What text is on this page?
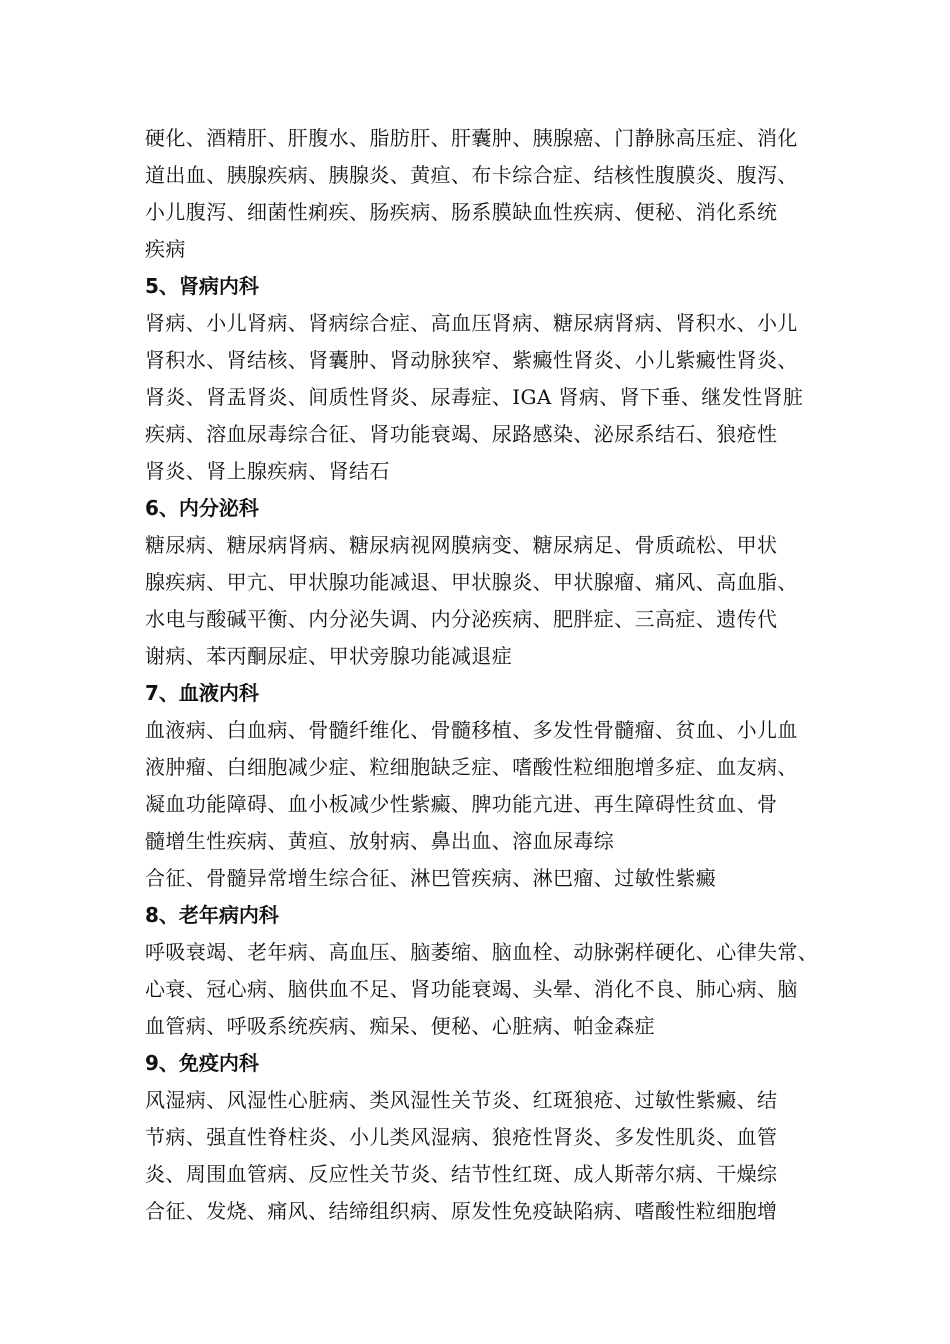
硬化、酒精肝、肝腹水、脂肪肝、肝囊肿、胰腺癌、门静脉高压症、消化
道出血、胰腺疾病、胰腺炎、黄疸、布卡综合症、结核性腹膜炎、腹泻、
小儿腹泻、细菌性痢疾、肠疾病、肠系膜缺血性疾病、便秘、消化系统
疾病
5、肾病内科
肾病、小儿肾病、肾病综合症、高血压肾病、糖尿病肾病、肾积水、小儿
肾积水、肾结核、肾囊肿、肾动脉狭窄、紫癜性肾炎、小儿紫癜性肾炎、
肾炎、肾盂肾炎、间质性肾炎、尿毒症、IGA 肾病、肾下垂、继发性肾脏
疾病、溶血尿毒综合征、肾功能衰竭、尿路感染、泌尿系结石、狼疮性
肾炎、肾上腺疾病、肾结石
6、内分泌科
糖尿病、糖尿病肾病、糖尿病视网膜病变、糖尿病足、骨质疏松、甲状
腺疾病、甲亢、甲状腺功能减退、甲状腺炎、甲状腺瘤、痛风、高血脂、
水电与酸碱平衡、内分泌失调、内分泌疾病、肥胖症、三高症、遗传代
谢病、苯丙酮尿症、甲状旁腺功能减退症
7、血液内科
血液病、白血病、骨髓纤维化、骨髓移植、多发性骨髓瘤、贫血、小儿血
液肿瘤、白细胞减少症、粒细胞缺乏症、嗜酸性粒细胞增多症、血友病、
凝血功能障碍、血小板减少性紫癜、脾功能亢进、再生障碍性贫血、骨
髓增生性疾病、黄疸、放射病、鼻出血、溶血尿毒综
合征、骨髓异常增生综合征、淋巴管疾病、淋巴瘤、过敏性紫癜
8、老年病内科
呼吸衰竭、老年病、高血压、脑萎缩、脑血栓、动脉粥样硬化、心律失常、
心衰、冠心病、脑供血不足、肾功能衰竭、头晕、消化不良、肺心病、脑
血管病、呼吸系统疾病、痴呆、便秘、心脏病、帕金森症
9、免疫内科
风湿病、风湿性心脏病、类风湿性关节炎、红斑狼疮、过敏性紫癜、结
节病、强直性脊柱炎、小儿类风湿病、狼疮性肾炎、多发性肌炎、血管
炎、周围血管病、反应性关节炎、结节性红斑、成人斯蒂尔病、干燥综
合征、发烧、痛风、结缔组织病、原发性免疫缺陷病、嗜酸性粒细胞增
